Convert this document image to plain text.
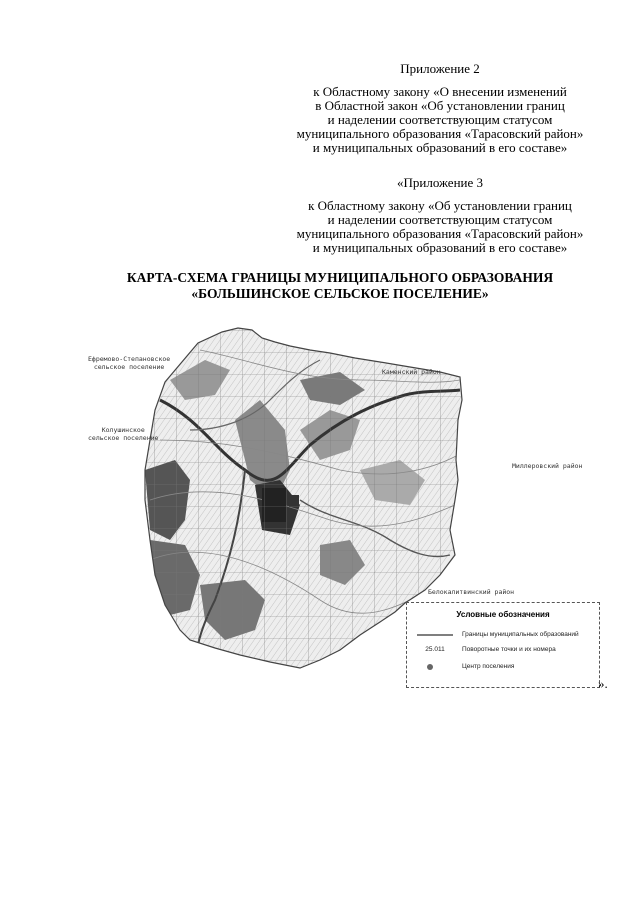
Приложение 2
к Областному закону «О внесении изменений
в Областной закон «Об установлении границ
и наделении соответствующим статусом
муниципального образования «Тарасовский район»
и муниципальных образований в его составе»
«Приложение 3
к Областному закону «Об установлении границ
и наделении соответствующим статусом
муниципального образования «Тарасовский район»
и муниципальных образований в его составе»
КАРТА-СХЕМА ГРАНИЦЫ МУНИЦИПАЛЬНОГО ОБРАЗОВАНИЯ
«БОЛЬШИНСКОЕ СЕЛЬСКОЕ ПОСЕЛЕНИЕ»
Ефремово-Степановское
сельское поселение
Колушинское
сельское поселение
Каменский район
Миллеровский район
Белокалитвинский район
Условные обозначения
Границы муниципальных образований
25.011	Поворотные точки и их номера
Центр поселения
».
